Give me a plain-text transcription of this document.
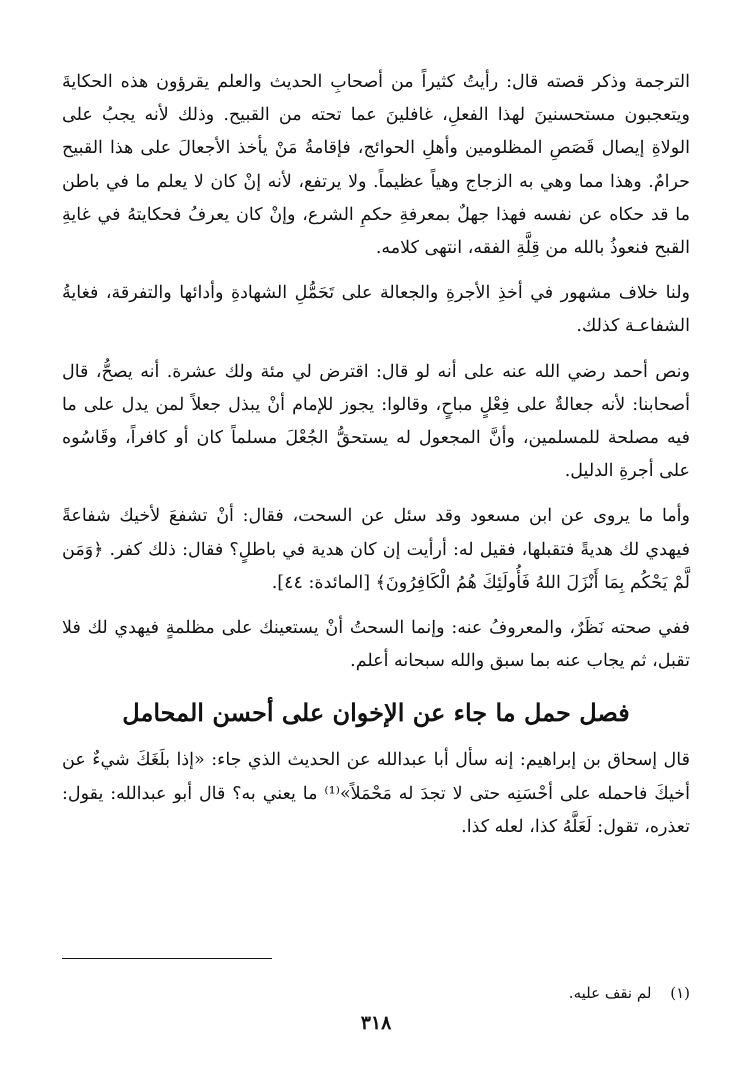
الترجمة وذكر قصته قال: رأيتُ كثيراً من أصحابِ الحديث والعلم يقرؤون هذه الحكايةَ ويتعجبون مستحسنينَ لهذا الفعلِ، غافلينَ عما تحته من القبيح. وذلك لأنه يجبُ على الولاةِ إيصال قَصَصِ المظلومين وأهلِ الحوائج، فإقامةُ مَنْ يأخذ الأجعالَ على هذا القبيح حرامٌ. وهذا مما وهي به الزجاج وهياً عظيماً. ولا يرتفع، لأنه إنْ كان لا يعلم ما في باطن ما قد حكاه عن نفسه فهذا جهلٌ بمعرفةِ حكمِ الشرع، وإنْ كان يعرفُ فحكايتهُ في غايةِ القبح فنعوذُ بالله من قِلَّةِ الفقه، انتهى كلامه.

ولنا خلاف مشهور في أخذِ الأجرةِ والجعالة على تَحَمُّلِ الشهادةِ وأدائها والتفرقة، فغايةُ الشفاعـة كذلك.

ونص أحمد رضي الله عنه على أنه لو قال: اقترض لي مئة ولك عشرة. أنه يصحُّ، قال أصحابنا: لأنه جعالةٌ على فِعْلٍ مباحٍ، وقالوا: يجوز للإمام أنْ يبذل جعلاً لمن يدل على ما فيه مصلحة للمسلمين، وأنَّ المجعول له يستحقُّ الجُعْلَ مسلماً كان أو كافراً، وقَاسُوه على أجرةِ الدليل.

وأما ما يروى عن ابن مسعود وقد سئل عن السحت، فقال: أنْ تشفعَ لأخيك شفاعةً فيهدي لك هديةً فتقبلها، فقيل له: أرأيت إن كان هدية في باطلٍ؟ فقال: ذلك كفر. ﴿وَمَن لَّمْ يَحْكُم بِمَا أَنْزَلَ اللهُ فَأُولَئِكَ هُمُ الْكَافِرُونَ﴾ [المائدة: ٤٤].

ففي صحته نَظَرٌ، والمعروفُ عنه: وإنما السحتُ أنْ يستعينك على مظلمةٍ فيهدي لك فلا تقبل، ثم يجاب عنه بما سبق والله سبحانه أعلم.

فصل حمل ما جاء عن الإخوان على أحسن المحامل

قال إسحاق بن إبراهيم: إنه سأل أبا عبدالله عن الحديث الذي جاء: «إذا بلَغَكَ شيءٌ عن أخيكَ فاحمله على أحْسَنِه حتى لا تجدَ له مَحْمَلاً»⁽¹⁾ ما يعني به؟ قال أبو عبدالله: يقول: تعذره، تقول: لَعَلَّهُ كذا، لعله كذا.

(١) لم نقف عليه.
٣١٨
